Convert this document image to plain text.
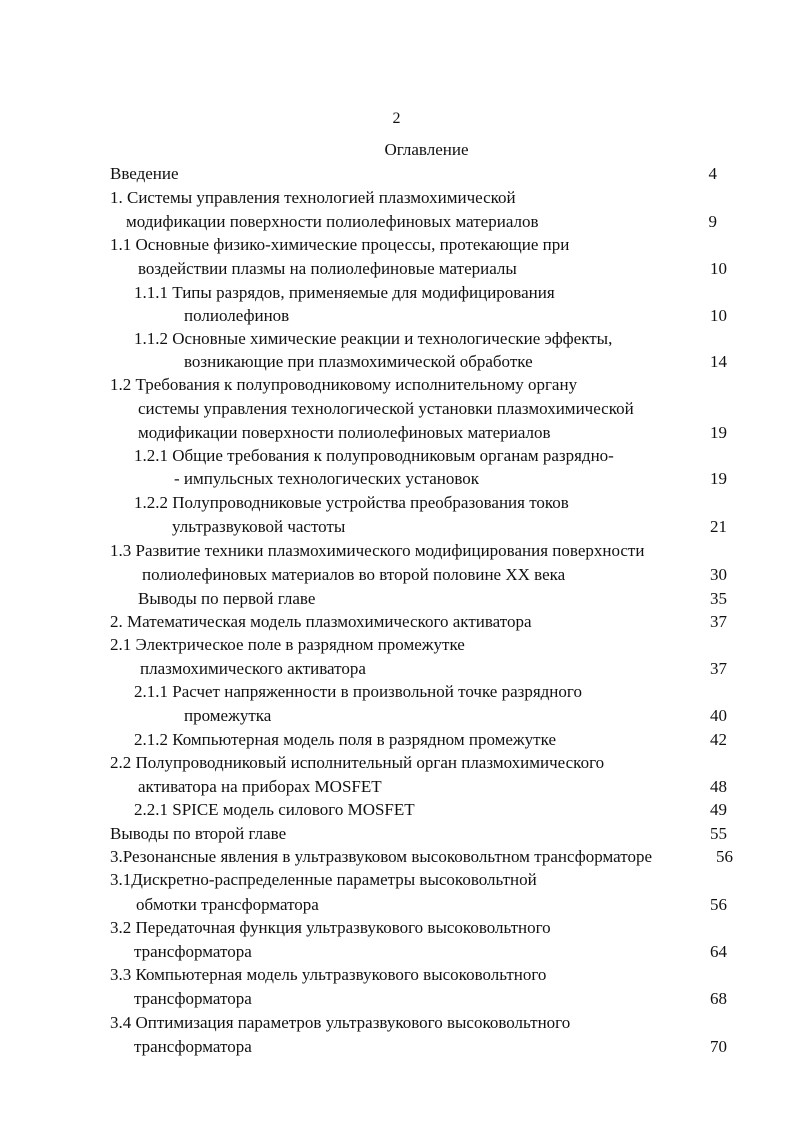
2
Оглавление
Введение	4
1. Системы управления технологией плазмохимической
модификации поверхности полиолефиновых материалов	9
1.1 Основные физико-химические процессы, протекающие при
воздействии плазмы на полиолефиновые материалы	10
1.1.1 Типы разрядов, применяемые для модифицирования
полиолефинов	10
1.1.2 Основные химические реакции и технологические эффекты,
возникающие при плазмохимической обработке	14
1.2 Требования к полупроводниковому исполнительному органу
системы управления технологической установки плазмохимической
модификации поверхности полиолефиновых материалов	19
1.2.1 Общие требования к полупроводниковым органам разрядно-
- импульсных технологических установок	19
1.2.2 Полупроводниковые устройства преобразования токов
ультразвуковой частоты	21
1.3 Развитие техники плазмохимического модифицирования поверхности
полиолефиновых материалов во второй половине XX века	30
Выводы по первой главе	35
2. Математическая модель плазмохимического активатора	37
2.1 Электрическое поле в разрядном промежутке
плазмохимического активатора	37
2.1.1 Расчет напряженности в произвольной точке разрядного
промежутка	40
2.1.2 Компьютерная модель поля в разрядном промежутке	42
2.2 Полупроводниковый исполнительный орган плазмохимического
активатора на приборах MOSFET	48
2.2.1 SPICE модель силового MOSFET	49
Выводы по второй главе	55
3.Резонансные явления в ультразвуковом высоковольтном трансформаторе	56
3.1Дискретно-распределенные параметры высоковольтной
обмотки трансформатора	56
3.2 Передаточная функция ультразвукового высоковольтного
трансформатора	64
3.3 Компьютерная модель ультразвукового высоковольтного
трансформатора	68
3.4 Оптимизация параметров ультразвукового высоковольтного
трансформатора	70
